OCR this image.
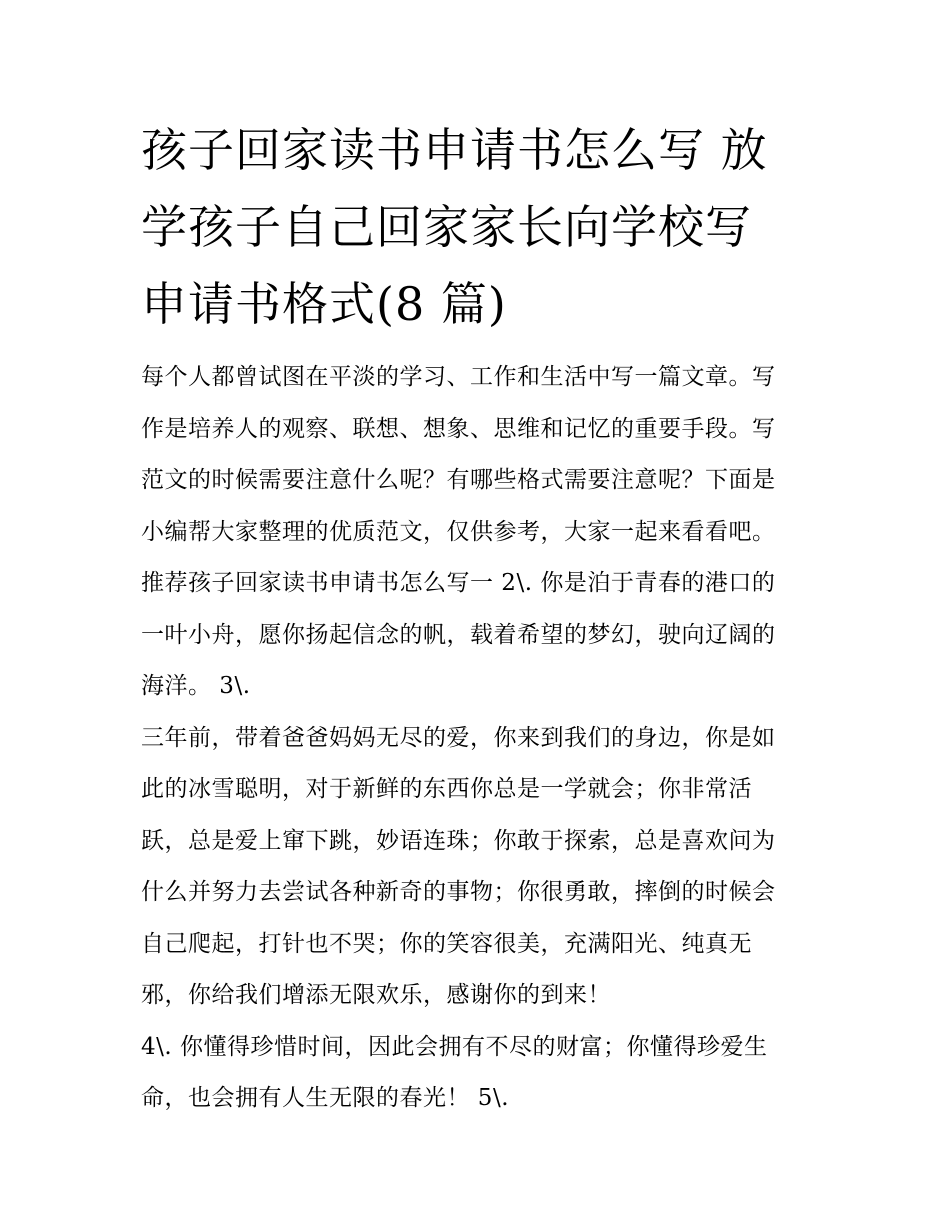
孩子回家读书申请书怎么写 放
学孩子自己回家家长向学校写
申请书格式(8 篇)

每个人都曾试图在平淡的学习、工作和生活中写一篇文章。写
作是培养人的观察、联想、想象、思维和记忆的重要手段。写
范文的时候需要注意什么呢？有哪些格式需要注意呢？下面是
小编帮大家整理的优质范文，仅供参考，大家一起来看看吧。
推荐孩子回家读书申请书怎么写一 2\. 你是泊于青春的港口的
一叶小舟，愿你扬起信念的帆，载着希望的梦幻，驶向辽阔的
海洋。 3\.

三年前，带着爸爸妈妈无尽的爱，你来到我们的身边，你是如
此的冰雪聪明，对于新鲜的东西你总是一学就会；你非常活
跃，总是爱上窜下跳，妙语连珠；你敢于探索，总是喜欢问为
什么并努力去尝试各种新奇的事物；你很勇敢，摔倒的时候会
自己爬起，打针也不哭；你的笑容很美，充满阳光、纯真无
邪，你给我们增添无限欢乐，感谢你的到来！

4\. 你懂得珍惜时间，因此会拥有不尽的财富；你懂得珍爱生
命，也会拥有人生无限的春光！ 5\.
